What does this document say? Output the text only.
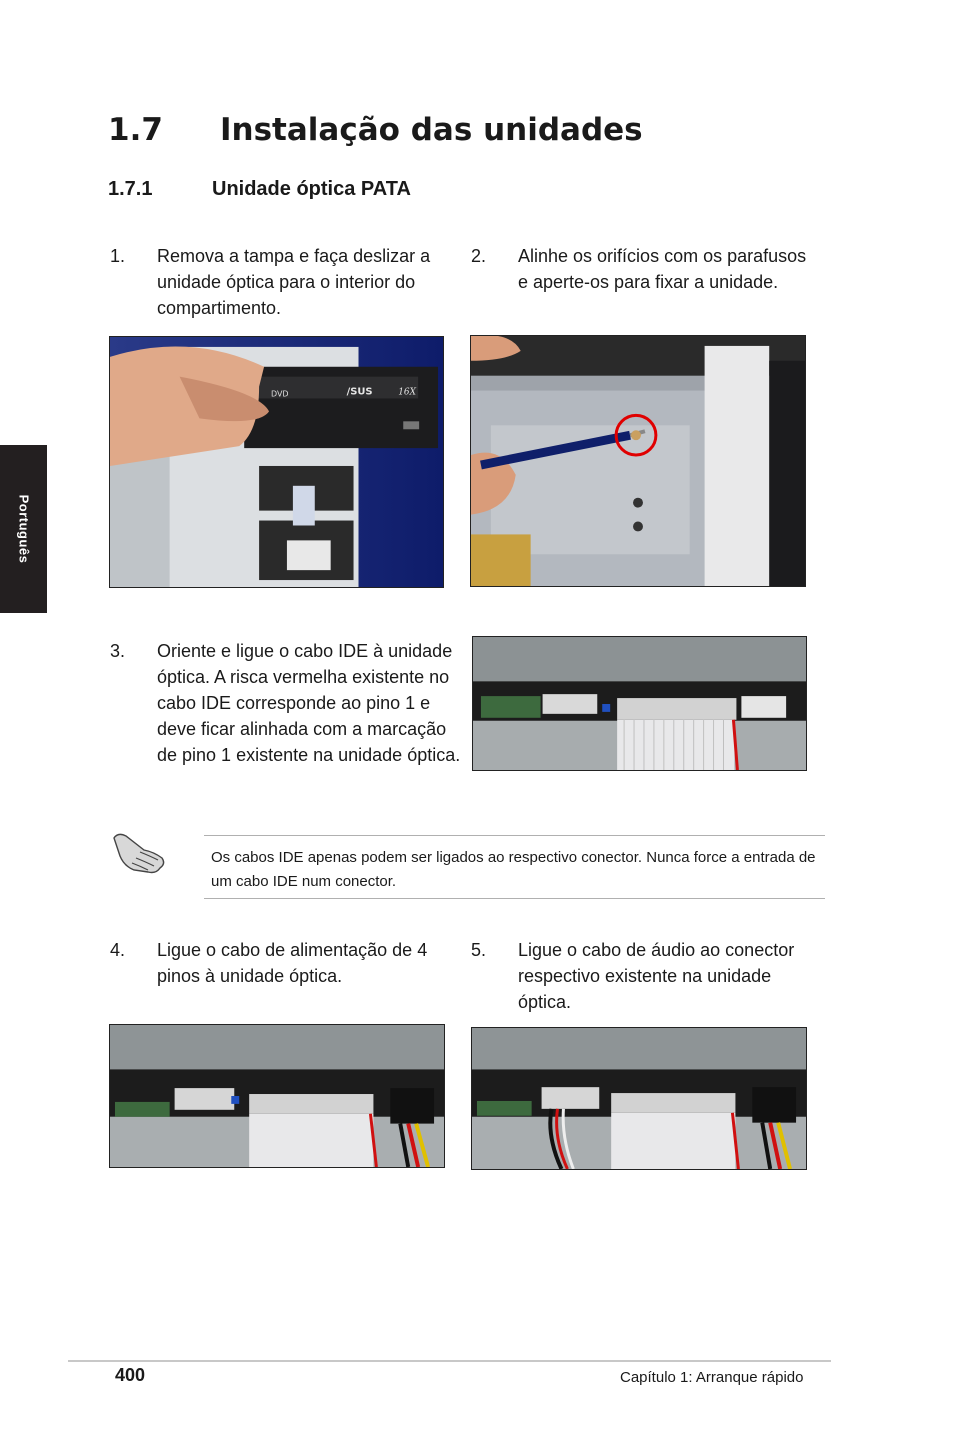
1.7 Instalação das unidades
1.7.1	Unidade óptica PATA
Português
1. Remova a tampa e faça deslizar a unidade óptica para o interior do compartimento.
2. Alinhe os orifícios com os parafusos e aperte-os para fixar a unidade.
DVD	/SUS	16X
3. Oriente e ligue o cabo IDE à unidade óptica. A risca vermelha existente no cabo IDE corresponde ao pino 1 e deve ficar alinhada com a marcação de pino 1 existente na unidade óptica.
Os cabos IDE apenas podem ser ligados ao respectivo conector. Nunca force a entrada de um cabo IDE num conector.
4. Ligue o cabo de alimentação de 4 pinos à unidade óptica.
5. Ligue o cabo de áudio ao conector respectivo existente na unidade óptica.
400	Capítulo 1: Arranque rápido
